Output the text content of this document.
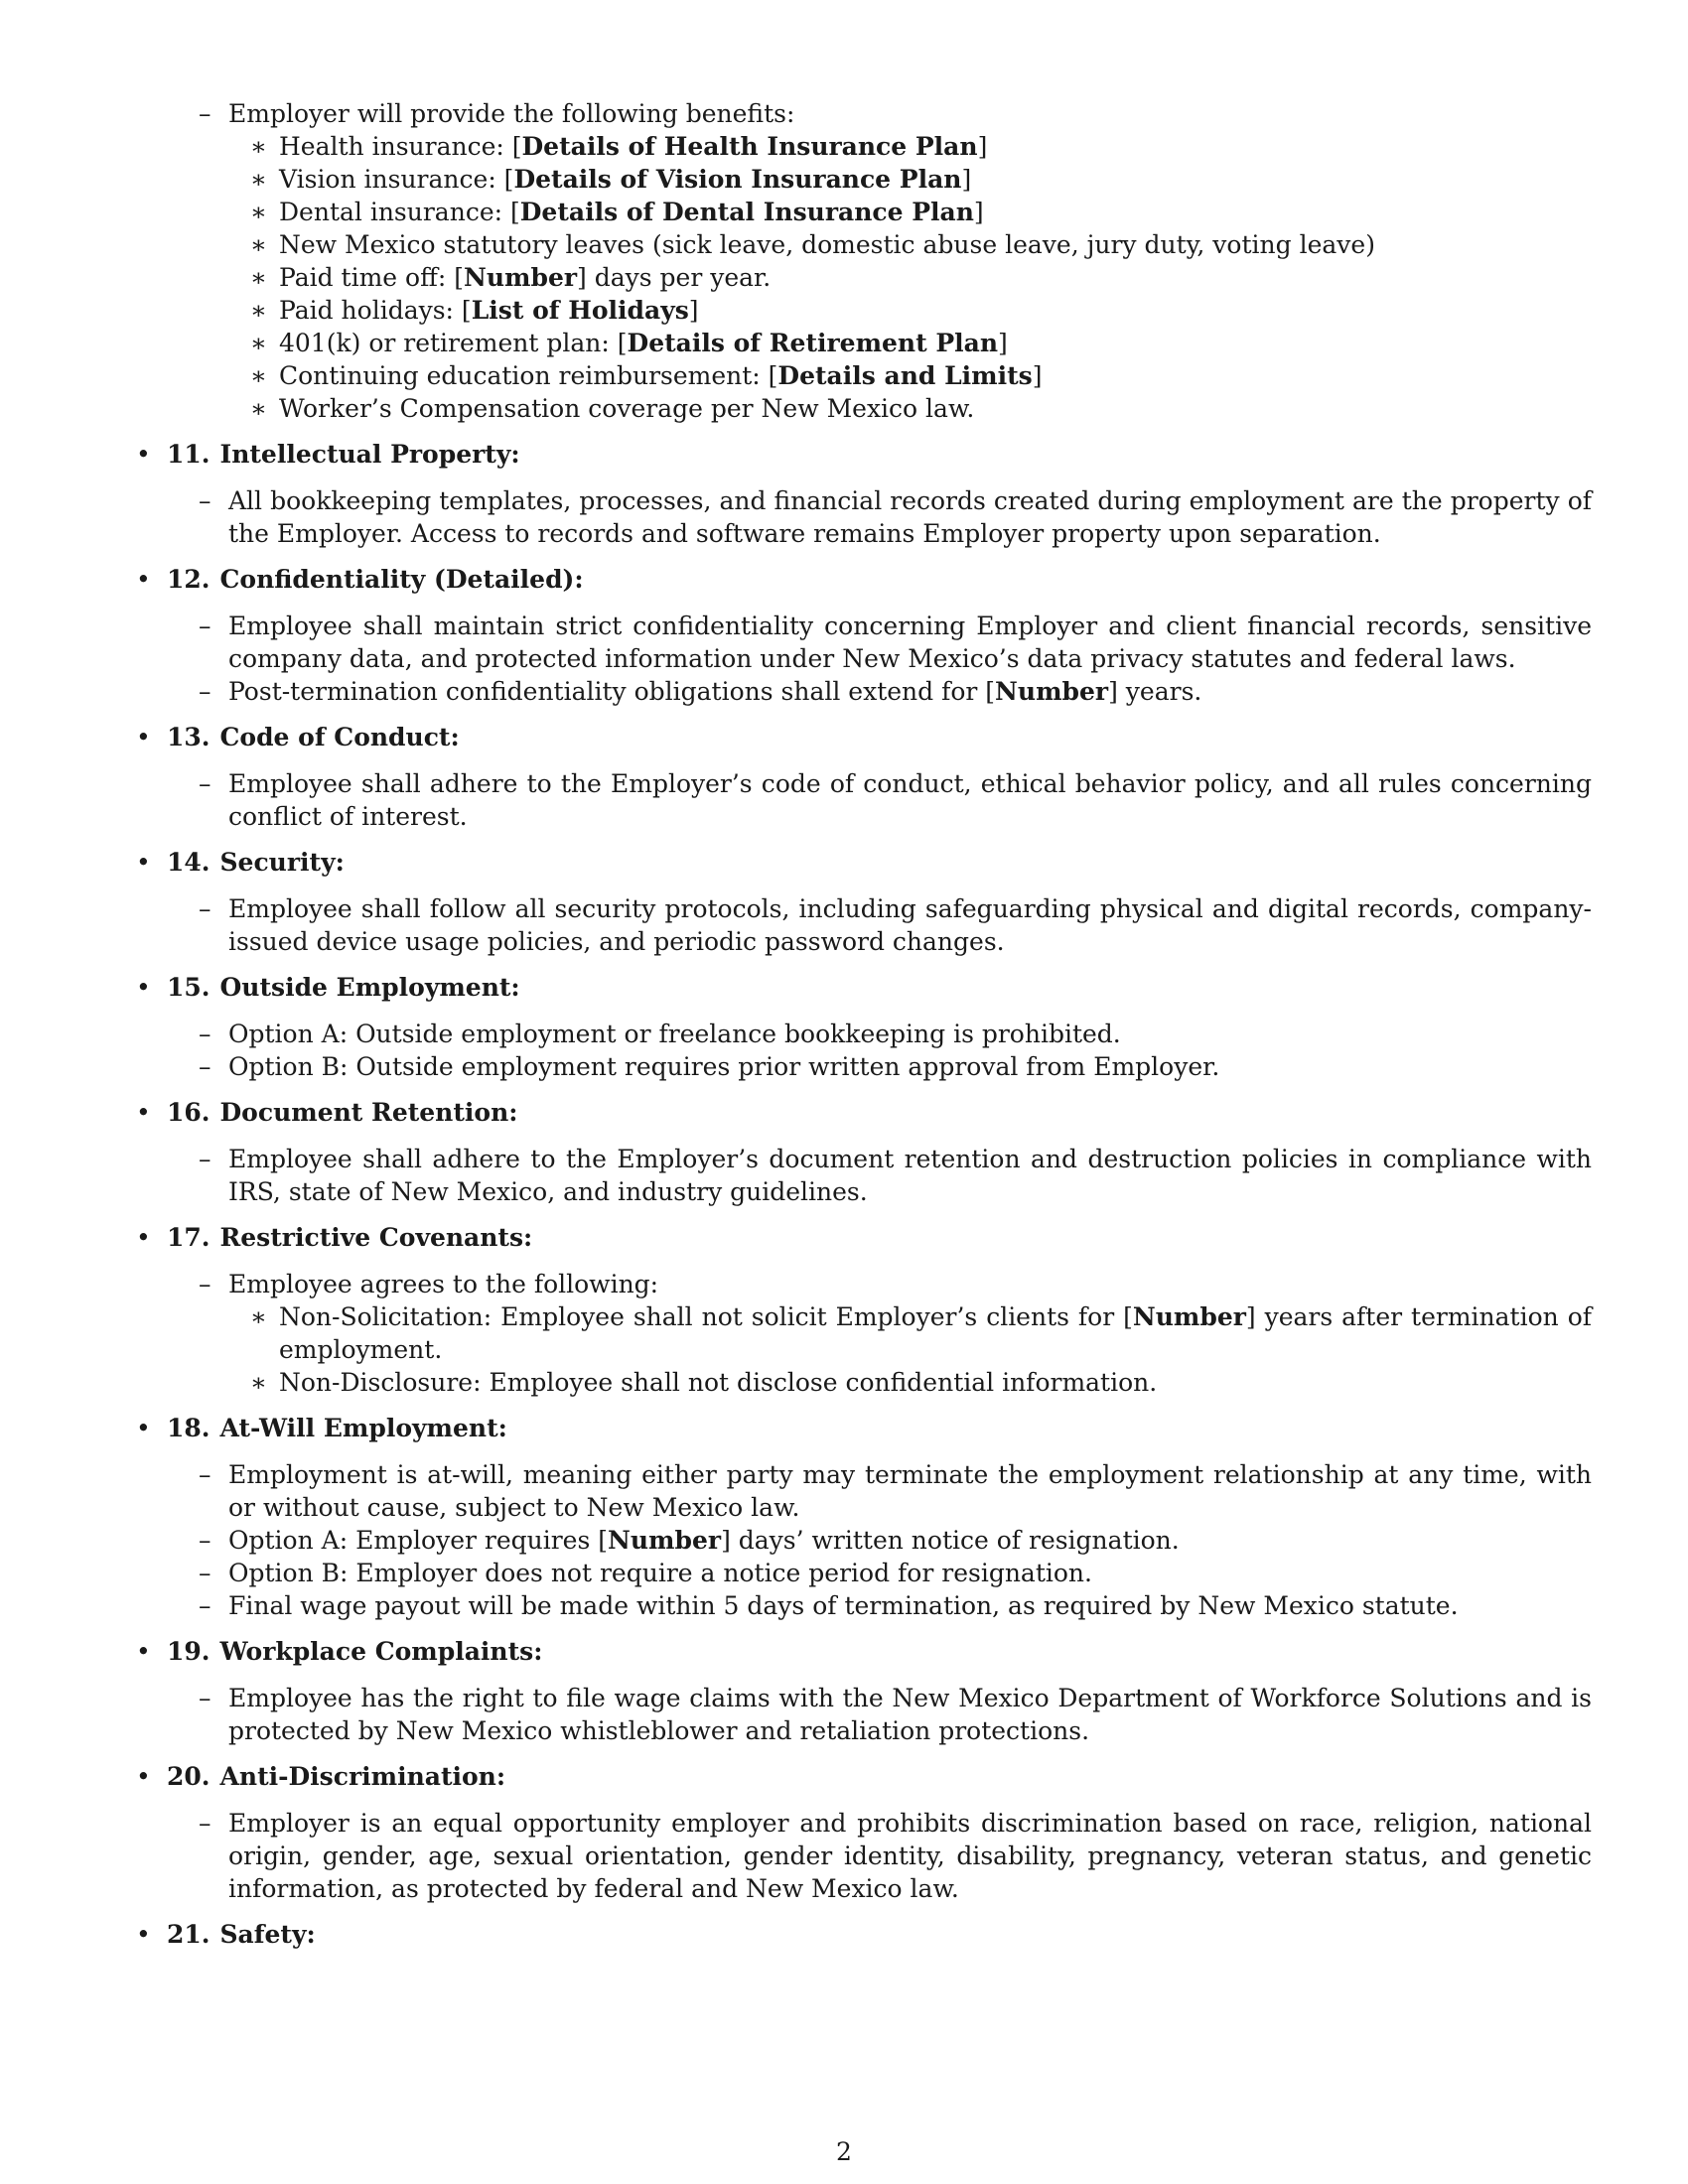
– Employer will provide the following benefits:
∗ Health insurance: [Details of Health Insurance Plan]
∗ Vision insurance: [Details of Vision Insurance Plan]
∗ Dental insurance: [Details of Dental Insurance Plan]
∗ New Mexico statutory leaves (sick leave, domestic abuse leave, jury duty, voting leave)
∗ Paid time off: [Number] days per year.
∗ Paid holidays: [List of Holidays]
∗ 401(k) or retirement plan: [Details of Retirement Plan]
∗ Continuing education reimbursement: [Details and Limits]
∗ Worker’s Compensation coverage per New Mexico law.
• 11. Intellectual Property:
– All bookkeeping templates, processes, and financial records created during employment are the property of the Employer. Access to records and software remains Employer property upon separation.
• 12. Confidentiality (Detailed):
– Employee shall maintain strict confidentiality concerning Employer and client financial records, sensitive company data, and protected information under New Mexico’s data privacy statutes and federal laws.
– Post-termination confidentiality obligations shall extend for [Number] years.
• 13. Code of Conduct:
– Employee shall adhere to the Employer’s code of conduct, ethical behavior policy, and all rules concerning conflict of interest.
• 14. Security:
– Employee shall follow all security protocols, including safeguarding physical and digital records, company-issued device usage policies, and periodic password changes.
• 15. Outside Employment:
– Option A: Outside employment or freelance bookkeeping is prohibited.
– Option B: Outside employment requires prior written approval from Employer.
• 16. Document Retention:
– Employee shall adhere to the Employer’s document retention and destruction policies in compliance with IRS, state of New Mexico, and industry guidelines.
• 17. Restrictive Covenants:
– Employee agrees to the following:
∗ Non-Solicitation: Employee shall not solicit Employer’s clients for [Number] years after termination of employment.
∗ Non-Disclosure: Employee shall not disclose confidential information.
• 18. At-Will Employment:
– Employment is at-will, meaning either party may terminate the employment relationship at any time, with or without cause, subject to New Mexico law.
– Option A: Employer requires [Number] days’ written notice of resignation.
– Option B: Employer does not require a notice period for resignation.
– Final wage payout will be made within 5 days of termination, as required by New Mexico statute.
• 19. Workplace Complaints:
– Employee has the right to file wage claims with the New Mexico Department of Workforce Solutions and is protected by New Mexico whistleblower and retaliation protections.
• 20. Anti-Discrimination:
– Employer is an equal opportunity employer and prohibits discrimination based on race, religion, national origin, gender, age, sexual orientation, gender identity, disability, pregnancy, veteran status, and genetic information, as protected by federal and New Mexico law.
• 21. Safety:
2
